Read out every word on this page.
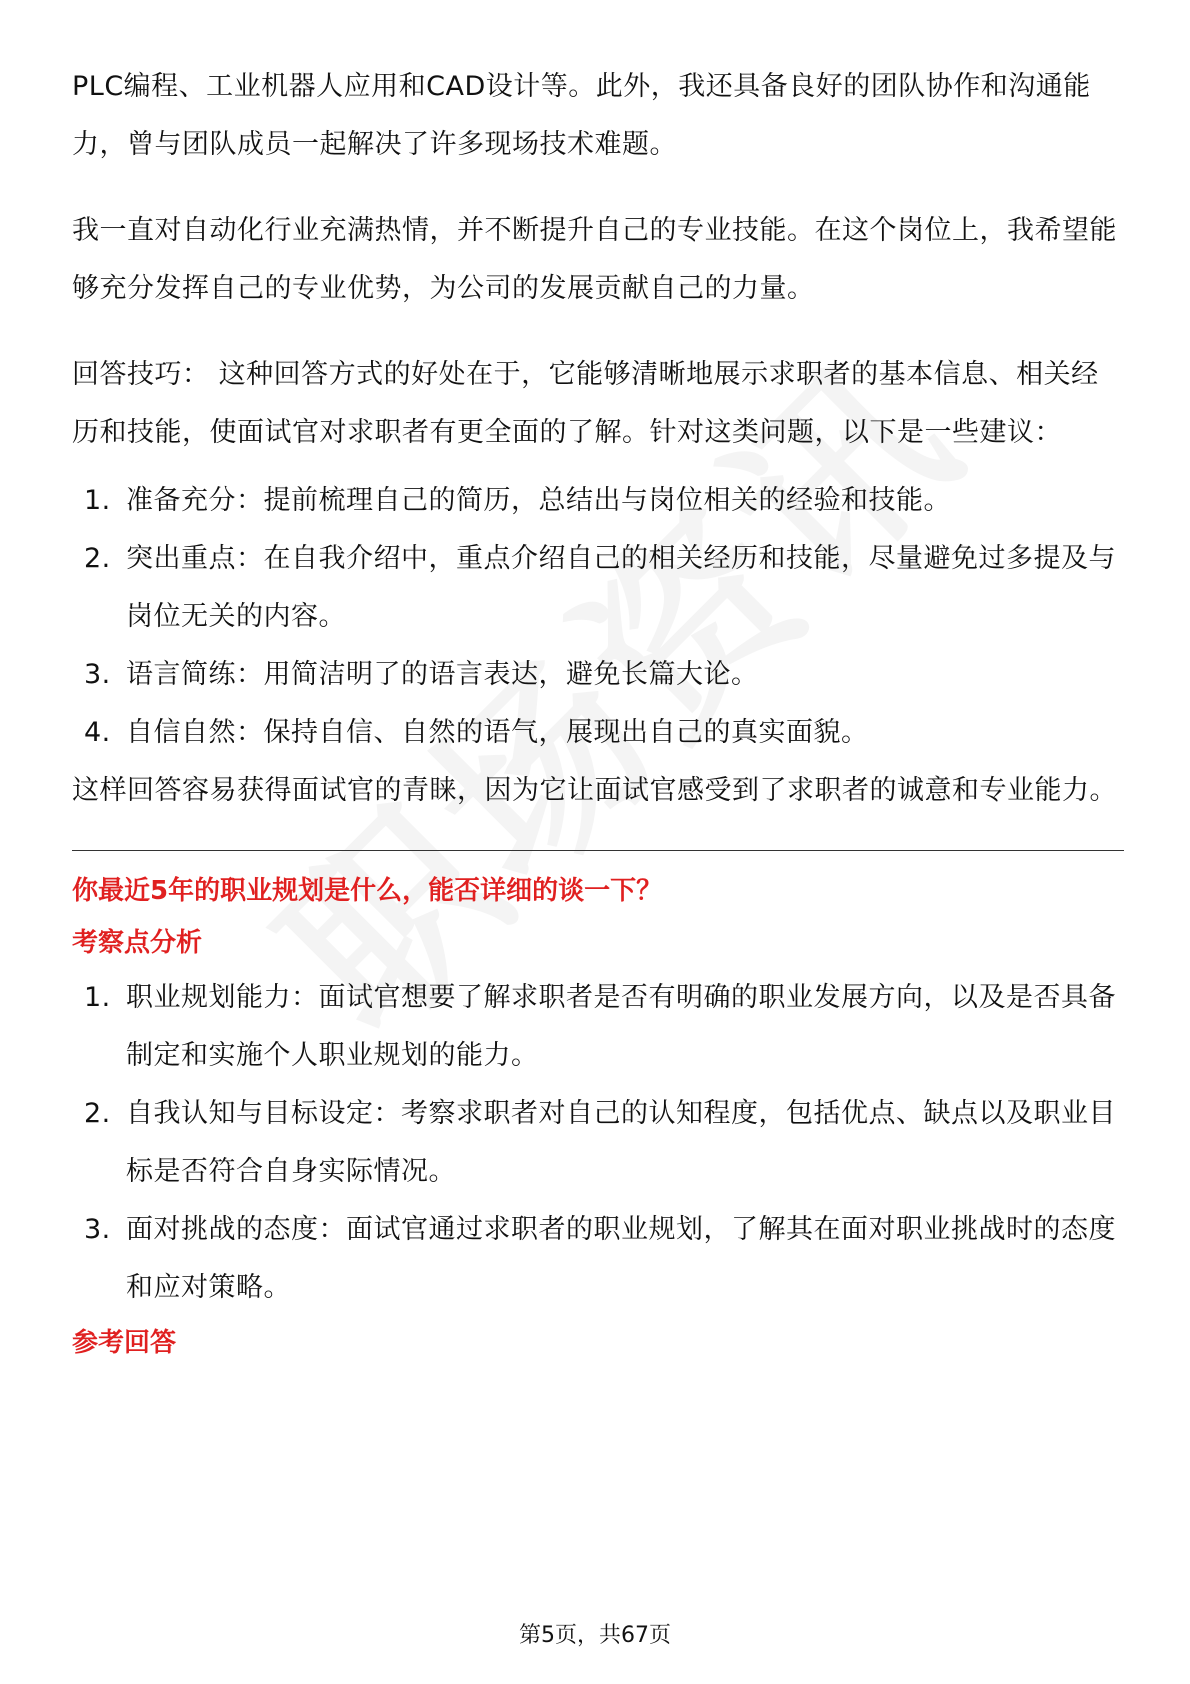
PLC编程、工业机器人应用和CAD设计等。此外，我还具备良好的团队协作和沟通能力，曾与团队成员一起解决了许多现场技术难题。

我一直对自动化行业充满热情，并不断提升自己的专业技能。在这个岗位上，我希望能够充分发挥自己的专业优势，为公司的发展贡献自己的力量。

回答技巧： 这种回答方式的好处在于，它能够清晰地展示求职者的基本信息、相关经历和技能，使面试官对求职者有更全面的了解。针对这类问题，以下是一些建议：

1. 准备充分：提前梳理自己的简历，总结出与岗位相关的经验和技能。
2. 突出重点：在自我介绍中，重点介绍自己的相关经历和技能，尽量避免过多提及与岗位无关的内容。
3. 语言简练：用简洁明了的语言表达，避免长篇大论。
4. 自信自然：保持自信、自然的语气，展现出自己的真实面貌。

这样回答容易获得面试官的青睐，因为它让面试官感受到了求职者的诚意和专业能力。

你最近5年的职业规划是什么，能否详细的谈一下？
考察点分析
1. 职业规划能力：面试官想要了解求职者是否有明确的职业发展方向，以及是否具备制定和实施个人职业规划的能力。
2. 自我认知与目标设定：考察求职者对自己的认知程度，包括优点、缺点以及职业目标是否符合自身实际情况。
3. 面对挑战的态度：面试官通过求职者的职业规划，了解其在面对职业挑战时的态度和应对策略。
参考回答
第5页，共67页
